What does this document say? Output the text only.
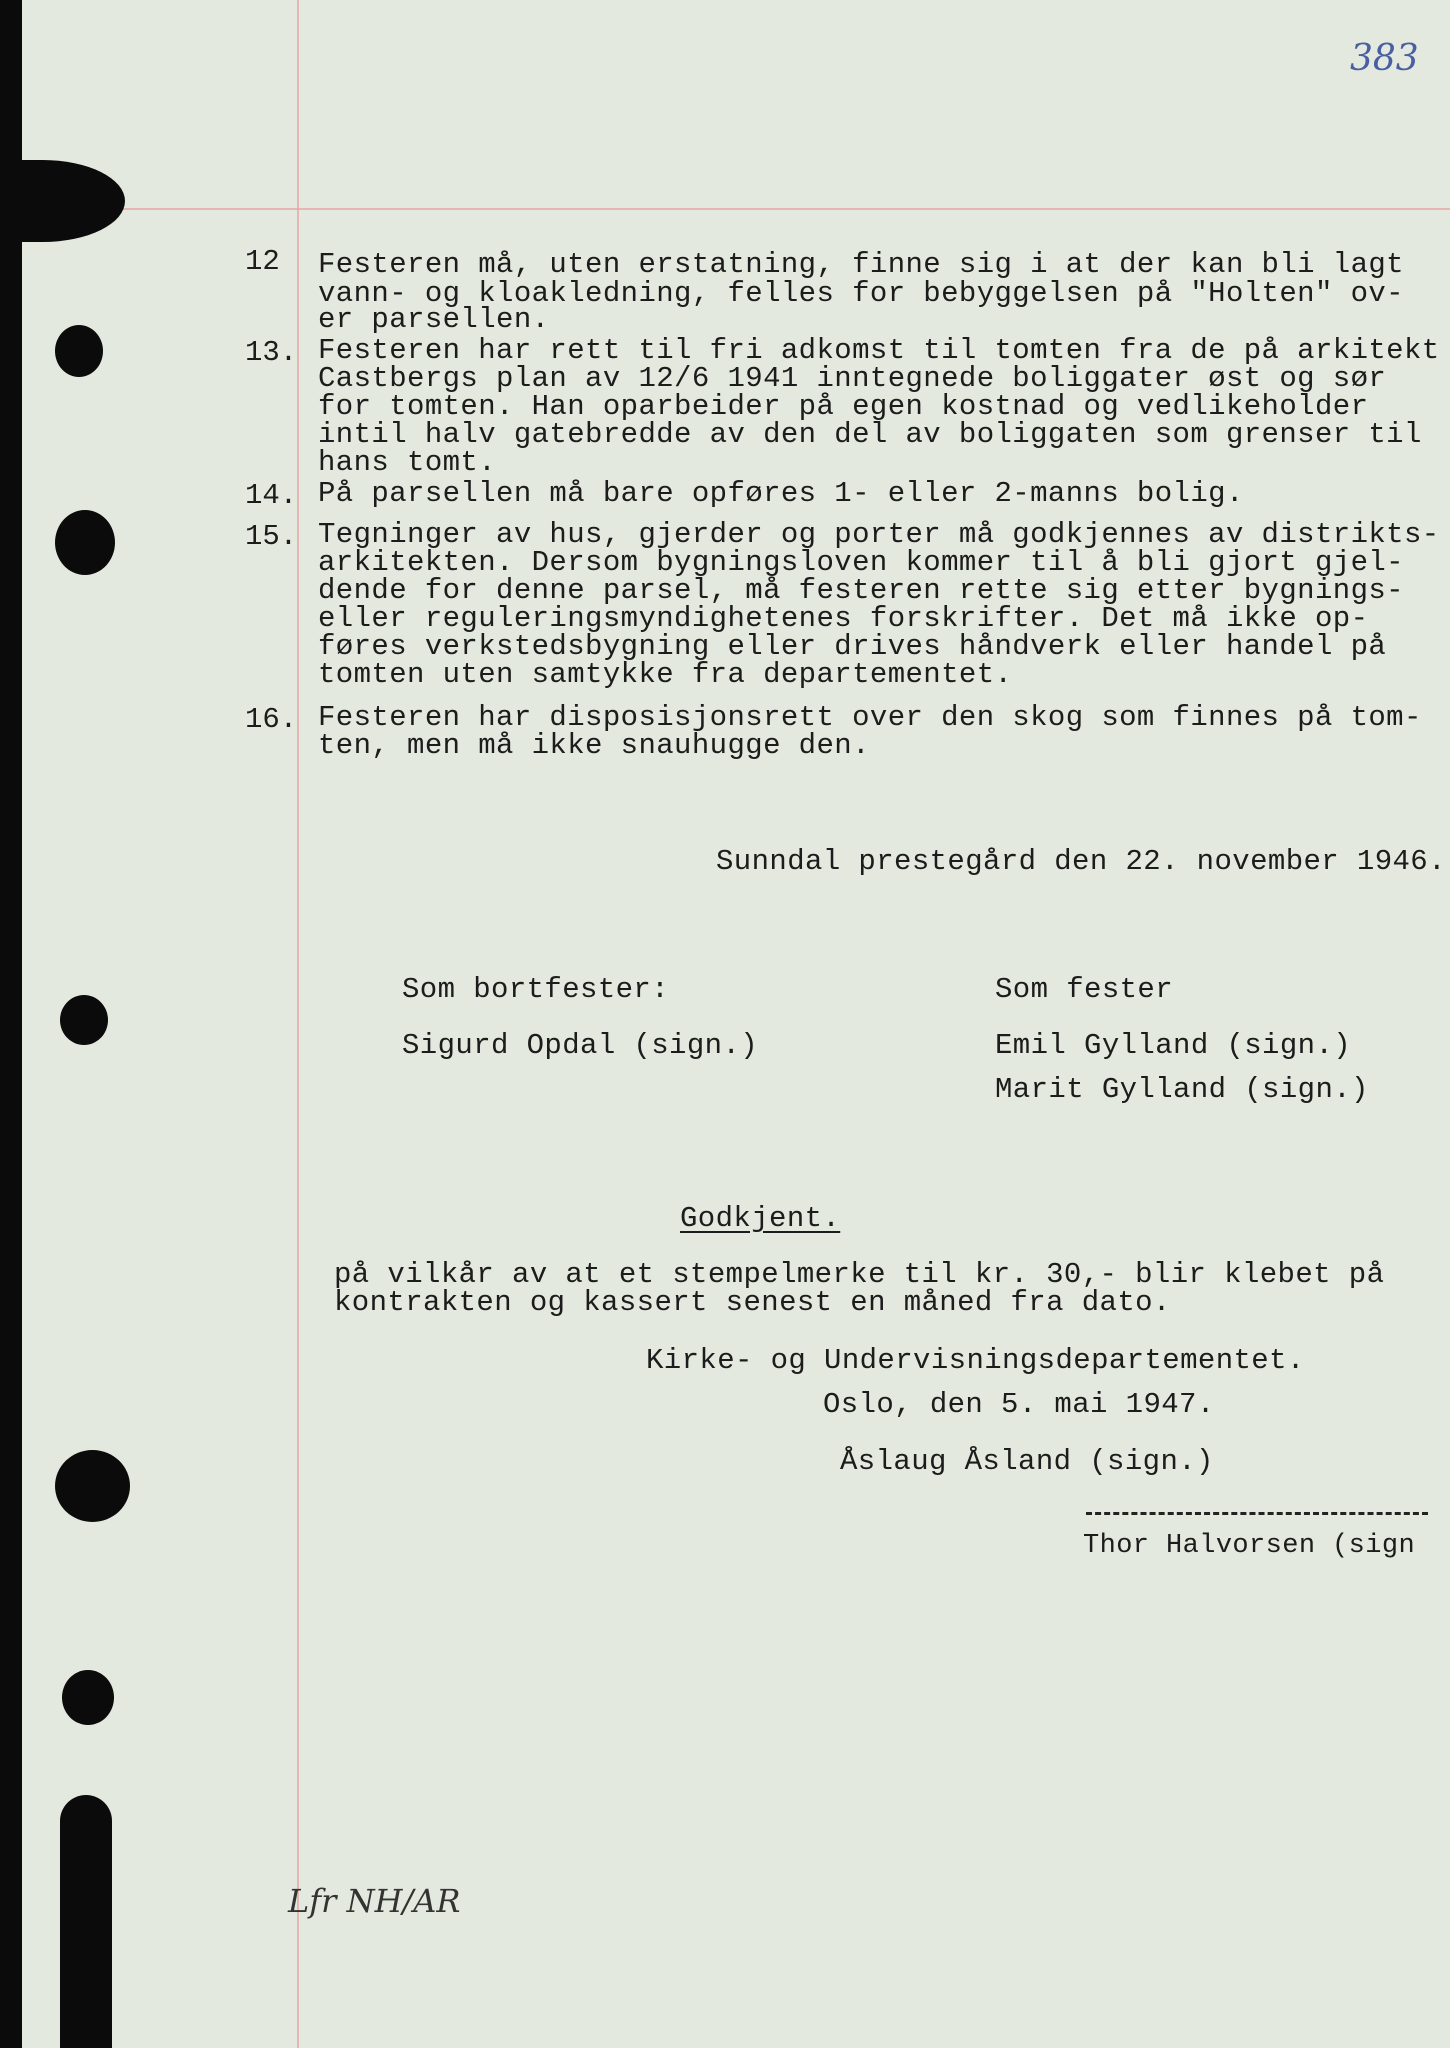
383
12 Festeren må, uten erstatning, finne sig i at der kan bli lagt
vann- og kloakledning, felles for bebyggelsen på "Holten" ov-
er parsellen.
13. Festeren har rett til fri adkomst til tomten fra de på arkitekt
Castbergs plan av 12/6 1941 inntegnede boliggater øst og sør
for tomten. Han oparbeider på egen kostnad og vedlikeholder
intil halv gatebredde av den del av boliggaten som grenser til
hans tomt.
14. På parsellen må bare opføres 1- eller 2-manns bolig.
15. Tegninger av hus, gjerder og porter må godkjennes av distrikts-
arkitekten. Dersom bygningsloven kommer til å bli gjort gjel-
dende for denne parsel, må festeren rette sig etter bygnings-
eller reguleringsmyndighetenes forskrifter. Det må ikke op-
føres verkstedsbygning eller drives håndverk eller handel på
tomten uten samtykke fra departementet.
16. Festeren har disposisjonsrett over den skog som finnes på tom-
ten, men må ikke snauhugge den.
Sunndal prestegård den 22. november 1946.
Som bortfester:	Som fester
Sigurd Opdal (sign.)	Emil Gylland (sign.)
Marit Gylland (sign.)
Godkjent.
på vilkår av at et stempelmerke til kr. 30,- blir klebet på
kontrakten og kassert senest en måned fra dato.
Kirke- og Undervisningsdepartementet.
Oslo, den 5. mai 1947.
Åslaug Åsland (sign.)
Thor Halvorsen (sign
Lfr NH/AR
